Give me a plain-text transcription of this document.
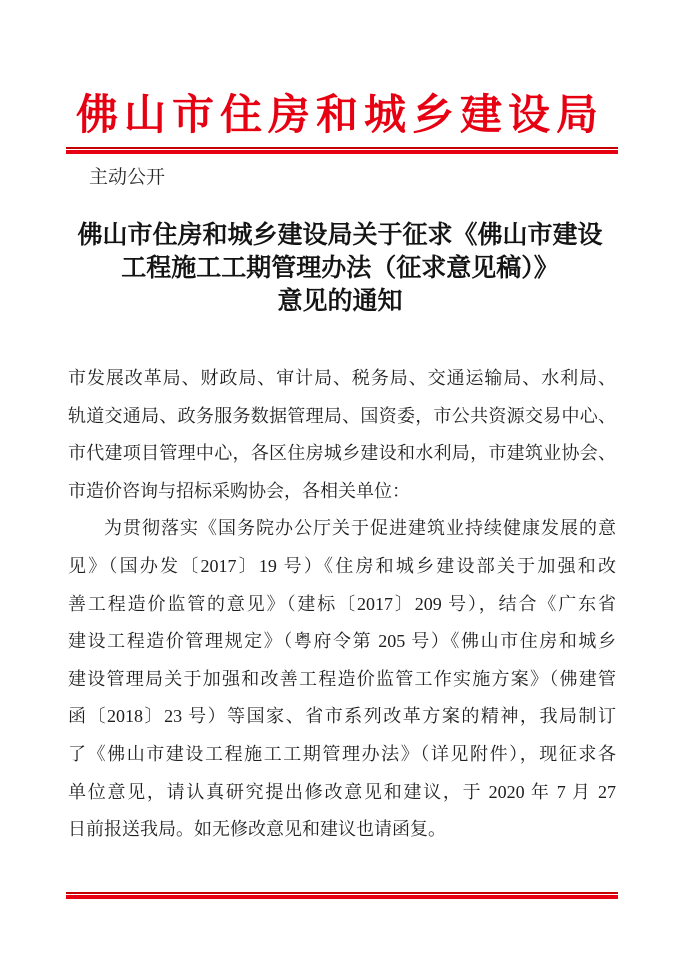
佛山市住房和城乡建设局
主动公开
佛山市住房和城乡建设局关于征求《佛山市建设
工程施工工期管理办法（征求意见稿）》
意见的通知
市发展改革局、财政局、审计局、税务局、交通运输局、水利局、
轨道交通局、政务服务数据管理局、国资委，市公共资源交易中心、
市代建项目管理中心，各区住房城乡建设和水利局，市建筑业协会、
市造价咨询与招标采购协会，各相关单位：
为贯彻落实《国务院办公厅关于促进建筑业持续健康发展的意
见》（国办发〔2017〕19 号）《住房和城乡建设部关于加强和改
善工程造价监管的意见》（建标〔2017〕209 号），结合《广东省
建设工程造价管理规定》（粤府令第 205 号）《佛山市住房和城乡
建设管理局关于加强和改善工程造价监管工作实施方案》（佛建管
函〔2018〕23 号）等国家、省市系列改革方案的精神，我局制订
了《佛山市建设工程施工工期管理办法》（详见附件），现征求各
单位意见，请认真研究提出修改意见和建议，于 2020 年 7 月 27
日前报送我局。如无修改意见和建议也请函复。
